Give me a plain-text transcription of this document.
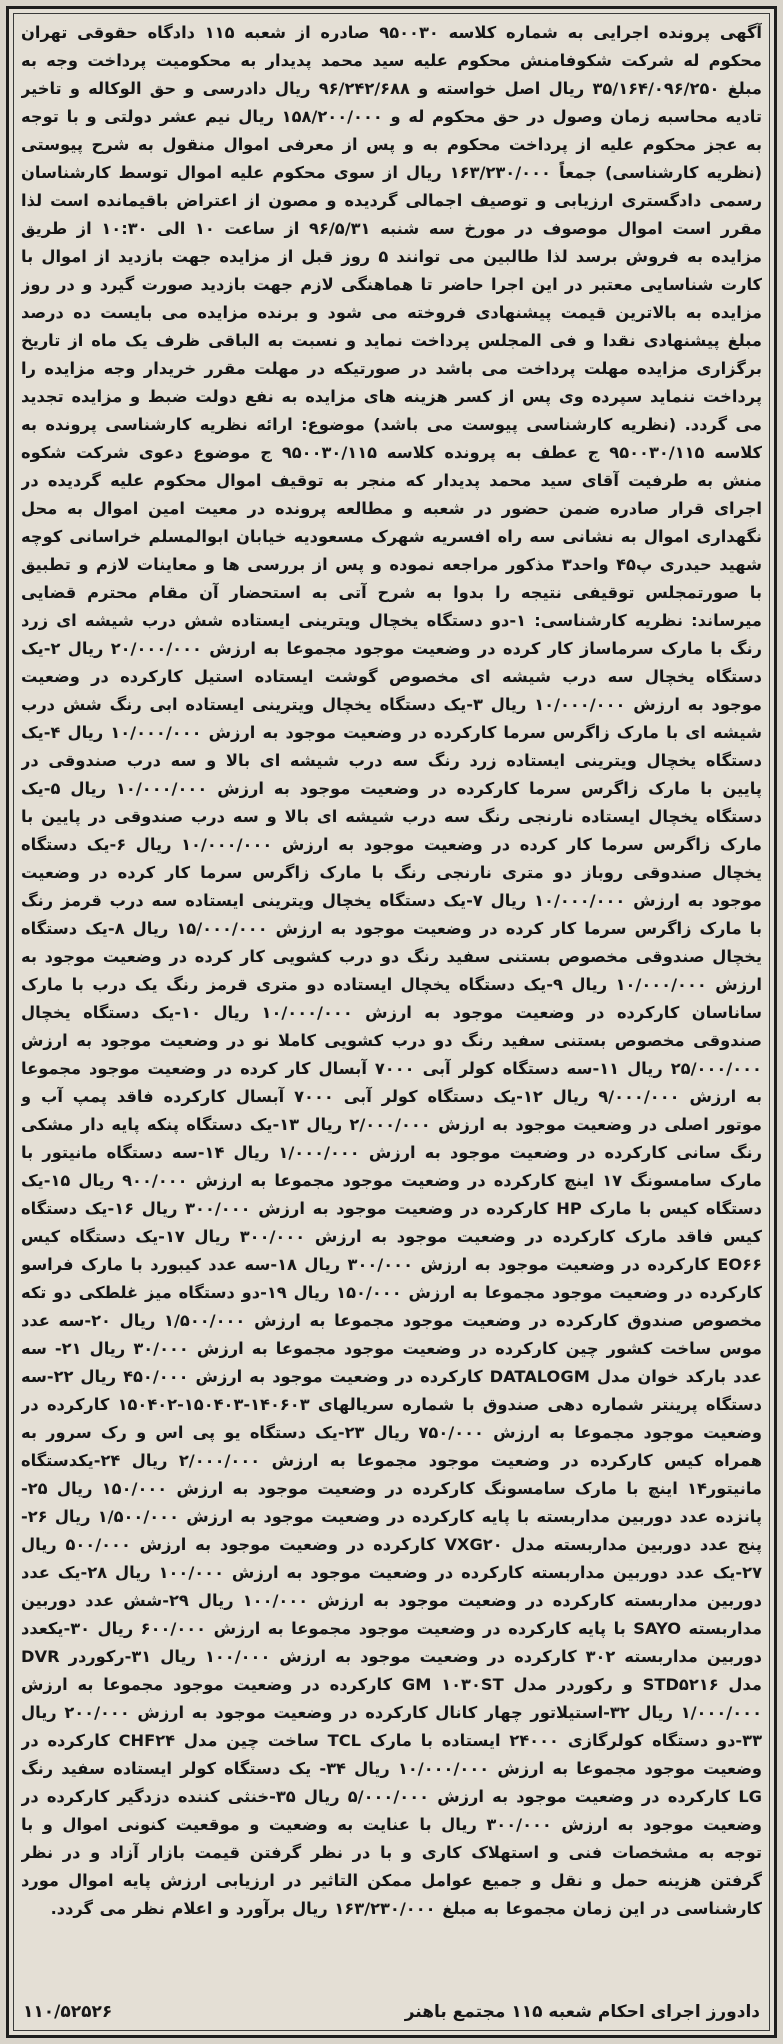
آگهی پرونده اجرایی به شماره کلاسه ۹۵۰۰۳۰ صادره از شعبه ۱۱۵ دادگاه حقوقی تهران محکوم له شرکت شکوفامنش محکوم علیه سید محمد پدیدار به محکومیت پرداخت وجه به مبلغ ۳۵/۱۶۴/۰۹۶/۲۵۰ ریال اصل خواسته و ۹۶/۲۴۲/۶۸۸ ریال دادرسی و حق الوکاله و تاخیر تادیه محاسبه زمان وصول در حق محکوم له و ۱۵۸/۲۰۰/۰۰۰ ریال نیم عشر دولتی و با توجه به عجز محکوم علیه از پرداخت محکوم به و پس از معرفی اموال منقول به شرح پیوستی (نظریه کارشناسی) جمعاً ۱۶۳/۲۳۰/۰۰۰ ریال از سوی محکوم علیه اموال توسط کارشناسان رسمی دادگستری ارزیابی و توصیف اجمالی گردیده و مصون از اعتراض باقیمانده است لذا مقرر است اموال موصوف در مورخ سه شنبه ۹۶/۵/۳۱ از ساعت ۱۰ الی ۱۰:۳۰ از طریق مزایده به فروش برسد لذا طالبین می توانند ۵ روز قبل از مزایده جهت بازدید از اموال با کارت شناسایی معتبر در این اجرا حاضر تا هماهنگی لازم جهت بازدید صورت گیرد و در روز مزایده به بالاترین قیمت پیشنهادی فروخته می شود و برنده مزایده می بایست ده درصد مبلغ پیشنهادی نقدا و فی المجلس پرداخت نماید و نسبت به الباقی ظرف یک ماه از تاریخ برگزاری مزایده مهلت پرداخت می باشد در صورتیکه در مهلت مقرر خریدار وجه مزایده را پرداخت ننماید سپرده وی پس از کسر هزینه های مزایده به نفع دولت ضبط و مزایده تجدید می گردد. (نظریه کارشناسی پیوست می باشد) موضوع: ارائه نظریه کارشناسی پرونده به کلاسه ۹۵۰۰۳۰/۱۱۵ ج عطف به پرونده کلاسه ۹۵۰۰۳۰/۱۱۵ ج موضوع دعوی شرکت شکوه منش به طرفیت آقای سید محمد پدیدار که منجر به توقیف اموال محکوم علیه گردیده در اجرای قرار صادره ضمن حضور در شعبه و مطالعه پرونده در معیت امین اموال به محل نگهداری اموال به نشانی سه راه افسریه شهرک مسعودیه خیابان ابوالمسلم خراسانی کوچه شهید حیدری پ۴۵ واحد۳ مذکور مراجعه نموده و پس از بررسی ها و معاینات لازم و تطبیق با صورتمجلس توقیفی نتیجه را بدوا به شرح آتی به استحضار آن مقام محترم قضایی میرساند: نظریه کارشناسی: ۱-دو دستگاه یخچال ویترینی ایستاده شش درب شیشه ای زرد رنگ با مارک سرماساز کار کرده در وضعیت موجود مجموعا به ارزش ۲۰/۰۰۰/۰۰۰ ریال ۲-یک دستگاه یخچال سه درب شیشه ای مخصوص گوشت ایستاده استیل کارکرده در وضعیت موجود به ارزش ۱۰/۰۰۰/۰۰۰ ریال ۳-یک دستگاه یخچال ویترینی ایستاده ابی رنگ شش درب شیشه ای با مارک زاگرس سرما کارکرده در وضعیت موجود به ارزش ۱۰/۰۰۰/۰۰۰ ریال ۴-یک دستگاه یخچال ویترینی ایستاده زرد رنگ سه درب شیشه ای بالا و سه درب صندوقی در پایین با مارک زاگرس سرما کارکرده در وضعیت موجود به ارزش ۱۰/۰۰۰/۰۰۰ ریال ۵-یک دستگاه یخچال ایستاده نارنجی رنگ سه درب شیشه ای بالا و سه درب صندوقی در پایین با مارک زاگرس سرما کار کرده در وضعیت موجود به ارزش ۱۰/۰۰۰/۰۰۰ ریال ۶-یک دستگاه یخچال صندوقی روباز دو متری نارنجی رنگ با مارک زاگرس سرما کار کرده در وضعیت موجود به ارزش ۱۰/۰۰۰/۰۰۰ ریال ۷-یک دستگاه یخچال ویترینی ایستاده سه درب قرمز رنگ با مارک زاگرس سرما کار کرده در وضعیت موجود به ارزش ۱۵/۰۰۰/۰۰۰ ریال ۸-یک دستگاه یخچال صندوقی مخصوص بستنی سفید رنگ دو درب کشویی کار کرده در وضعیت موجود به ارزش ۱۰/۰۰۰/۰۰۰ ریال ۹-یک دستگاه یخچال ایستاده دو متری قرمز رنگ یک درب با مارک ساناسان کارکرده در وضعیت موجود به ارزش ۱۰/۰۰۰/۰۰۰ ریال ۱۰-یک دستگاه یخچال صندوقی مخصوص بستنی سفید رنگ دو درب کشویی کاملا نو در وضعیت موجود به ارزش ۲۵/۰۰۰/۰۰۰ ریال ۱۱-سه دستگاه کولر آبی ۷۰۰۰ آبسال کار کرده در وضعیت موجود مجموعا به ارزش ۹/۰۰۰/۰۰۰ ریال ۱۲-یک دستگاه کولر آبی ۷۰۰۰ آبسال کارکرده فاقد پمپ آب و موتور اصلی در وضعیت موجود به ارزش ۲/۰۰۰/۰۰۰ ریال ۱۳-یک دستگاه پنکه پایه دار مشکی رنگ سانی کارکرده در وضعیت موجود به ارزش ۱/۰۰۰/۰۰۰ ریال ۱۴-سه دستگاه مانیتور با مارک سامسونگ ۱۷ اینچ کارکرده در وضعیت موجود مجموعا به ارزش ۹۰۰/۰۰۰ ریال ۱۵-یک دستگاه کیس با مارک HP کارکرده در وضعیت موجود به ارزش ۳۰۰/۰۰۰ ریال ۱۶-یک دستگاه کیس فاقد مارک کارکرده در وضعیت موجود به ارزش ۳۰۰/۰۰۰ ریال ۱۷-یک دستگاه کیس EO۶۶ کارکرده در وضعیت موجود به ارزش ۳۰۰/۰۰۰ ریال ۱۸-سه عدد کیبورد با مارک فراسو کارکرده در وضعیت موجود مجموعا به ارزش ۱۵۰/۰۰۰ ریال ۱۹-دو دستگاه میز غلطکی دو تکه مخصوص صندوق کارکرده در وضعیت موجود مجموعا به ارزش ۱/۵۰۰/۰۰۰ ریال ۲۰-سه عدد موس ساخت کشور چین کارکرده در وضعیت موجود مجموعا به ارزش ۳۰/۰۰۰ ریال ۲۱- سه عدد بارکد خوان مدل DATALOGM کارکرده در وضعیت موجود به ارزش ۴۵۰/۰۰۰ ریال ۲۲-سه دستگاه پرینتر شماره دهی صندوق با شماره سریالهای ۱۴۰۶۰۳-۱۵۰۴۰۳-۱۵۰۴۰۲ کارکرده در وضعیت موجود مجموعا به ارزش ۷۵۰/۰۰۰ ریال ۲۳-یک دستگاه یو پی اس و رک سرور به همراه کیس کارکرده در وضعیت موجود مجموعا به ارزش ۲/۰۰۰/۰۰۰ ریال ۲۴-یکدستگاه مانیتور۱۴ اینچ با مارک سامسونگ کارکرده در وضعیت موجود به ارزش ۱۵۰/۰۰۰ ریال ۲۵-پانزده عدد دوربین مداربسته با پایه کارکرده در وضعیت موجود به ارزش ۱/۵۰۰/۰۰۰ ریال ۲۶-پنج عدد دوربین مداربسته مدل VXG۲۰ کارکرده در وضعیت موجود به ارزش ۵۰۰/۰۰۰ ریال ۲۷-یک عدد دوربین مداربسته کارکرده در وضعیت موجود به ارزش ۱۰۰/۰۰۰ ریال ۲۸-یک عدد دوربین مداربسته کارکرده در وضعیت موجود به ارزش ۱۰۰/۰۰۰ ریال ۲۹-شش عدد دوربین مداربسته SAYO با پایه کارکرده در وضعیت موجود مجموعا به ارزش ۶۰۰/۰۰۰ ریال ۳۰-یکعدد دوربین مداربسته ۳۰۲ کارکرده در وضعیت موجود به ارزش ۱۰۰/۰۰۰ ریال ۳۱-رکوردر DVR مدل STD۵۲۱۶ و رکوردر مدل GM ۱۰۳۰ST کارکرده در وضعیت موجود مجموعا به ارزش ۱/۰۰۰/۰۰۰ ریال ۳۲-استیلاتور چهار کانال کارکرده در وضعیت موجود به ارزش ۲۰۰/۰۰۰ ریال ۳۳-دو دستگاه کولرگازی ۲۴۰۰۰ ایستاده با مارک TCL ساخت چین مدل CHF۲۴ کارکرده در وضعیت موجود مجموعا به ارزش ۱۰/۰۰۰/۰۰۰ ریال ۳۴- یک دستگاه کولر ایستاده سفید رنگ LG کارکرده در وضعیت موجود به ارزش ۵/۰۰۰/۰۰۰ ریال ۳۵-خنثی کننده دزدگیر کارکرده در وضعیت موجود به ارزش ۳۰۰/۰۰۰ ریال با عنایت به وضعیت و موقعیت کنونی اموال و با توجه به مشخصات فنی و استهلاک کاری و با در نظر گرفتن قیمت بازار آزاد و در نظر گرفتن هزینه حمل و نقل و جمیع عوامل ممکن التاثیر در ارزیابی ارزش پایه اموال مورد کارشناسی در این زمان مجموعا به مبلغ ۱۶۳/۲۳۰/۰۰۰ ریال برآورد و اعلام نظر می گردد.
دادورز اجرای احکام شعبه ۱۱۵ مجتمع باهنر
۱۱۰/۵۲۵۲۶
